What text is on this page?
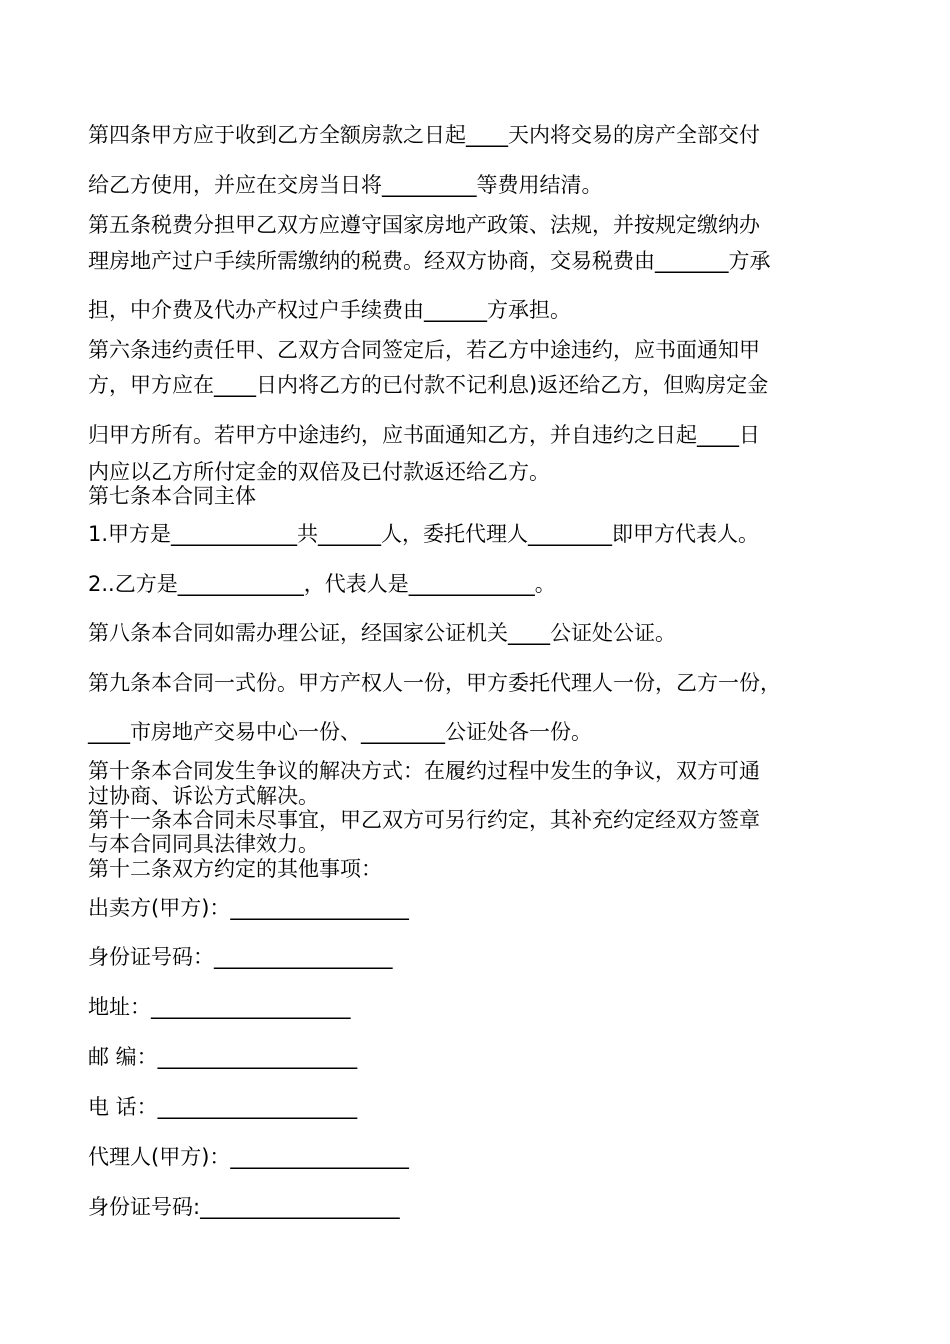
第四条甲方应于收到乙方全额房款之日起____天内将交易的房产全部交付

给乙方使用，并应在交房当日将_________等费用结清。

第五条税费分担甲乙双方应遵守国家房地产政策、法规，并按规定缴纳办

理房地产过户手续所需缴纳的税费。经双方协商，交易税费由_______方承

担，中介费及代办产权过户手续费由______方承担。

第六条违约责任甲、乙双方合同签定后，若乙方中途违约，应书面通知甲

方，甲方应在____日内将乙方的已付款不记利息)返还给乙方，但购房定金

归甲方所有。若甲方中途违约，应书面通知乙方，并自违约之日起____日

内应以乙方所付定金的双倍及已付款返还给乙方。

第七条本合同主体

1.甲方是____________共______人，委托代理人________即甲方代表人。

2..乙方是____________，代表人是____________。

第八条本合同如需办理公证，经国家公证机关____公证处公证。

第九条本合同一式份。甲方产权人一份，甲方委托代理人一份，乙方一份，

____市房地产交易中心一份、________公证处各一份。

第十条本合同发生争议的解决方式：在履约过程中发生的争议，双方可通

过协商、诉讼方式解决。

第十一条本合同未尽事宜，甲乙双方可另行约定，其补充约定经双方签章

与本合同同具法律效力。

第十二条双方约定的其他事项：

出卖方(甲方)：_________________

身份证号码：_________________

地址：___________________

邮 编：___________________

电 话：___________________

代理人(甲方)：_________________

身份证号码:___________________
